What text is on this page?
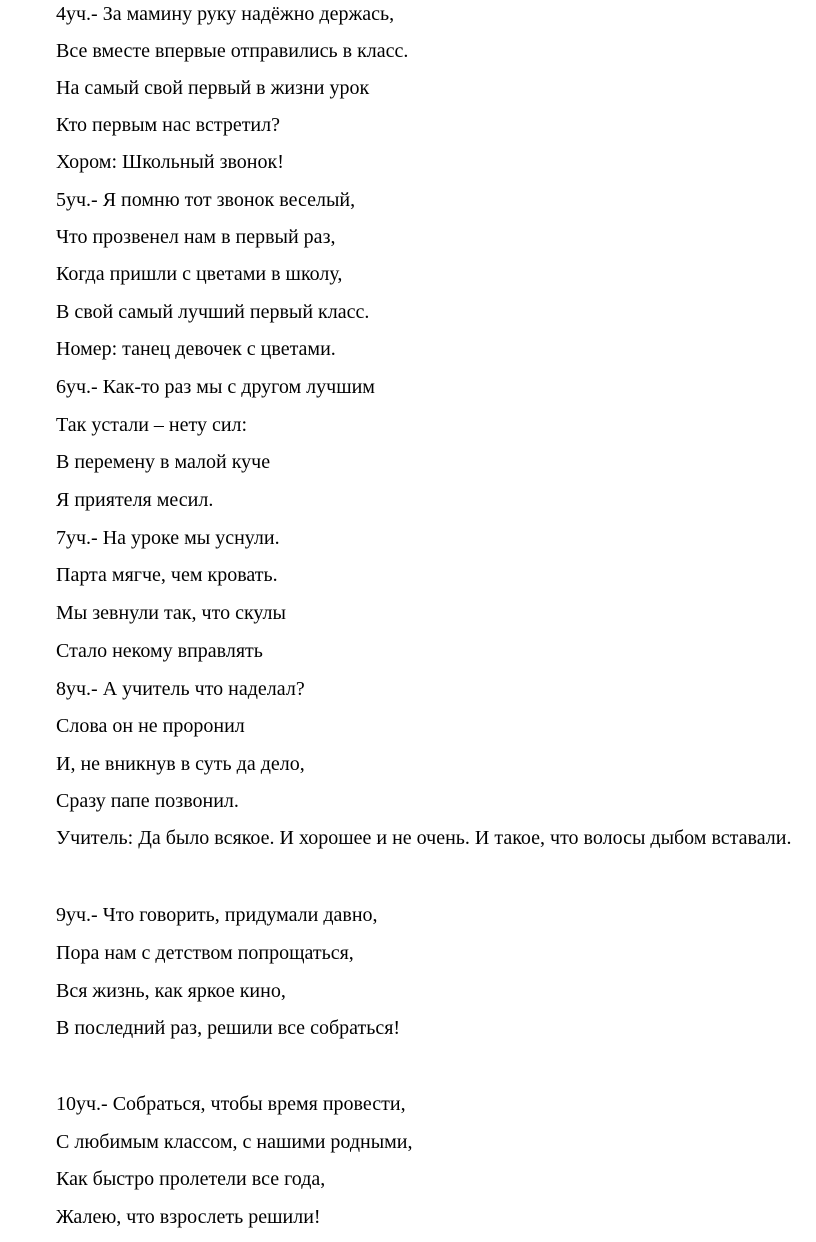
4уч.- За мамину руку надёжно держась,
Все вместе впервые отправились в класс.
На самый свой первый в жизни урок
Кто первым нас встретил?
Хором: Школьный звонок!
5уч.- Я помню тот звонок веселый,
Что прозвенел нам в первый раз,
Когда пришли с цветами в школу,
В свой самый лучший первый класс.
Номер: танец девочек с цветами.
6уч.- Как-то раз мы с другом лучшим
Так устали – нету сил:
В перемену в малой куче
Я приятеля месил.
7уч.- На уроке мы уснули.
Парта мягче, чем кровать.
Мы зевнули так, что скулы
Стало некому вправлять
8уч.- А учитель что наделал?
Слова он не проронил
И, не вникнув в суть да дело,
Сразу папе позвонил.
Учитель: Да было всякое. И хорошее и не очень. И такое, что волосы дыбом вставали.
9уч.- Что говорить, придумали давно,
Пора нам с детством попрощаться,
Вся жизнь, как яркое кино,
В последний раз, решили все собраться!
10уч.- Собраться, чтобы время провести,
С любимым классом, с нашими родными,
Как быстро пролетели все года,
Жалею, что взрослеть решили!
